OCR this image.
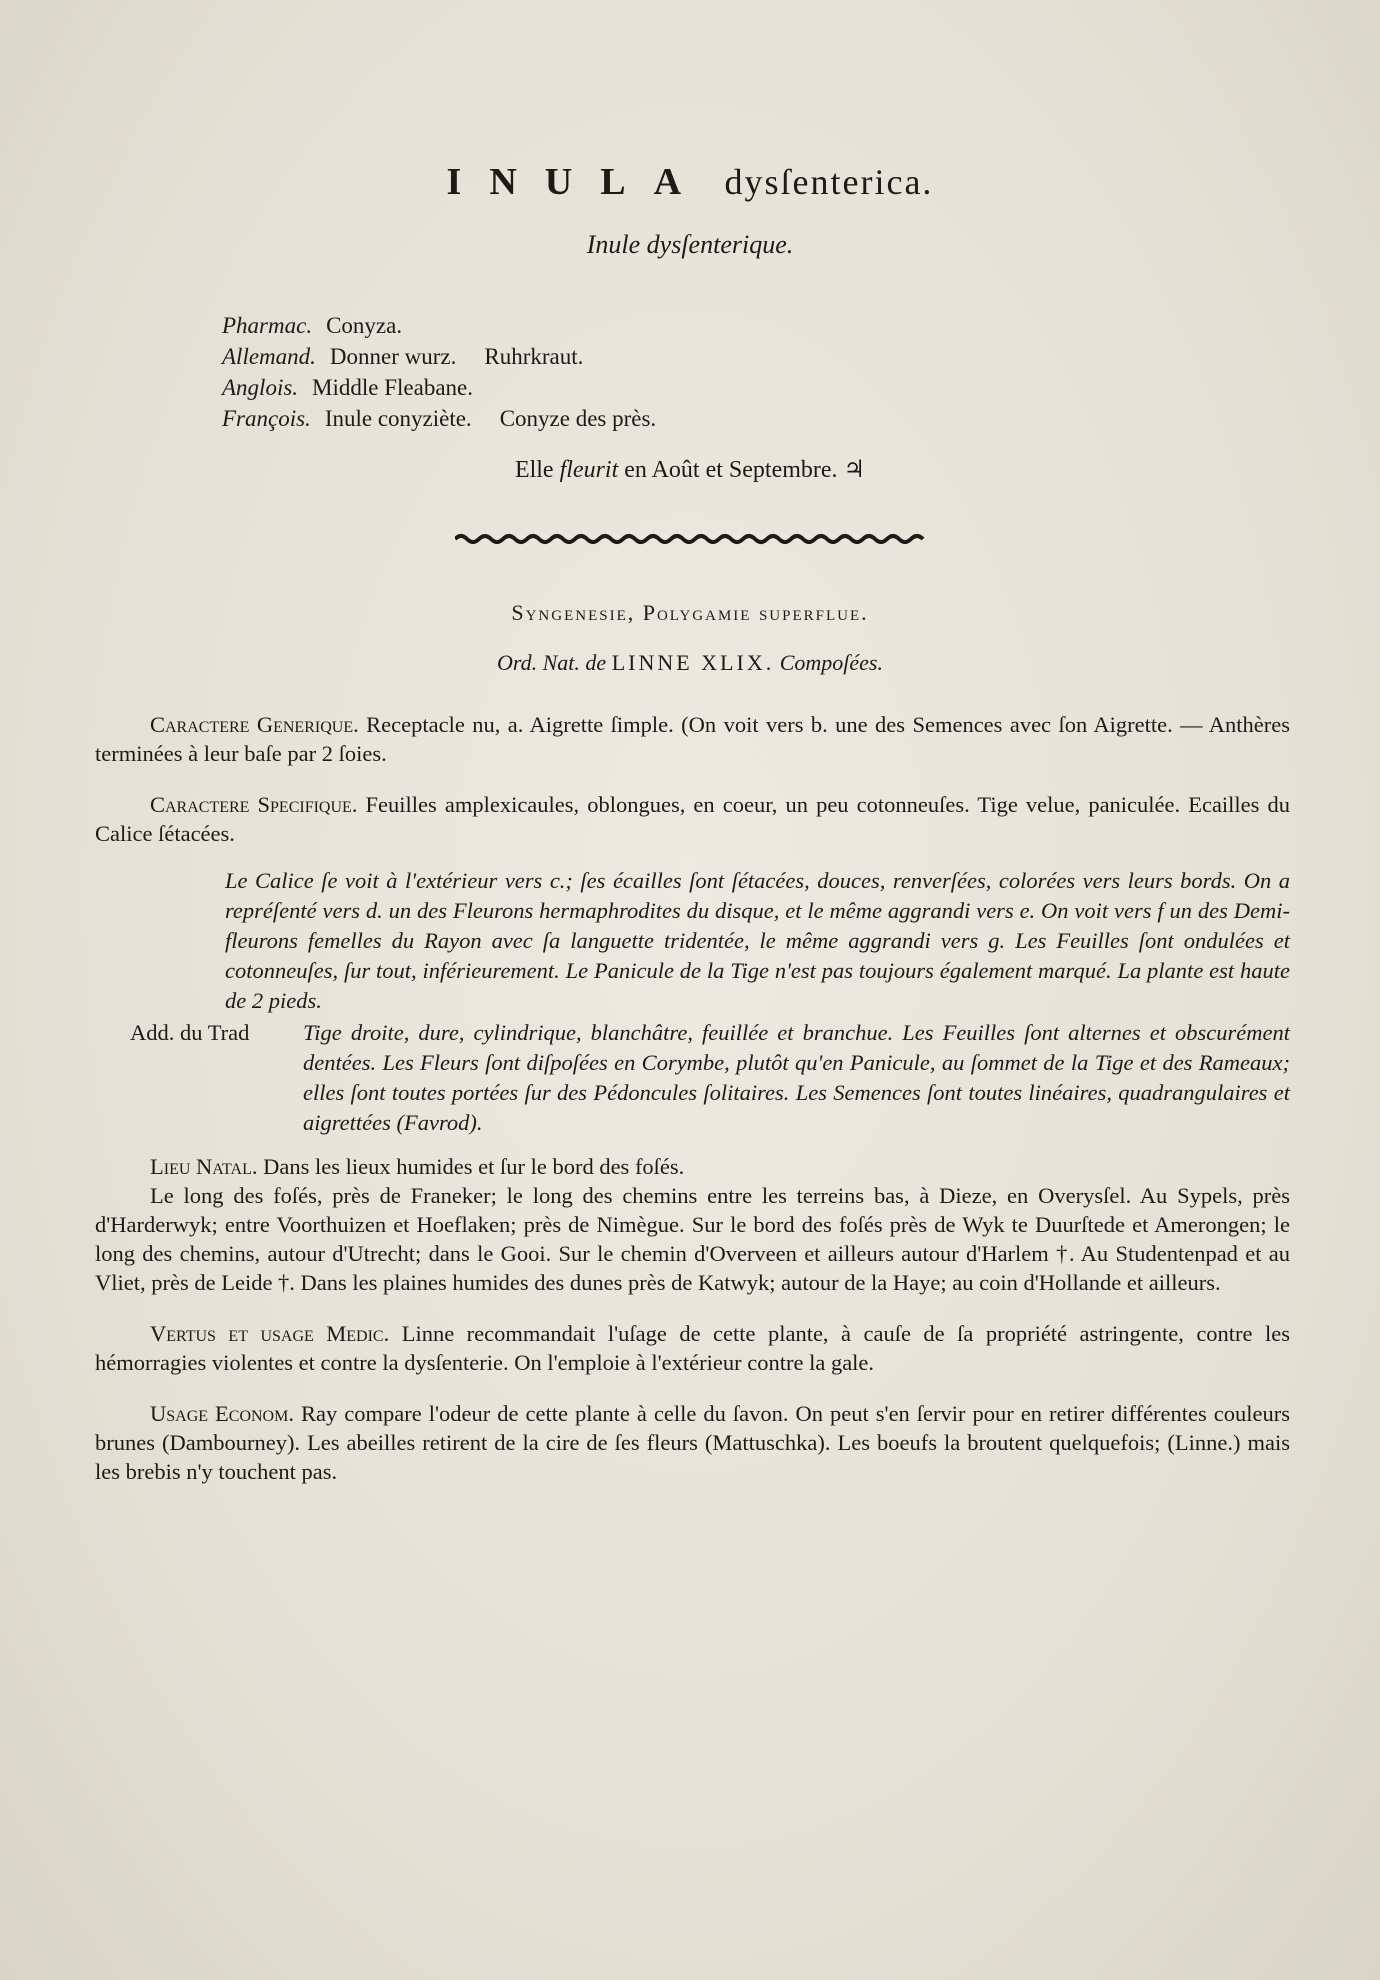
INULA dysſenterica.
Inule dysſenterique.
Pharmac. Conyza.
Allemand. Donner wurz. Ruhrkraut.
Anglois. Middle Fleabane.
François. Inule conyziète. Conyze des près.
Elle fleurit en Août et Septembre. ♃
Syngenesie, Polygamie superflue.
Ord. Nat. de LINNE XLIX. Compoſées.

Caractere Generique. Receptacle nu, a. Aigrette ſimple. (On voit vers b. une des Semences avec ſon Aigrette. — Anthères terminées à leur baſe par 2 ſoies.

Caractere Specifique. Feuilles amplexicaules, oblongues, en coeur, un peu cotonneuſes. Tige velue, paniculée. Ecailles du Calice ſétacées.

Le Calice ſe voit à l'extérieur vers c.; ſes écailles ſont ſétacées, douces, renverſées, colorées vers leurs bords. On a repréſenté vers d. un des Fleurons hermaphrodites du disque, et le même aggrandi vers e. On voit vers f un des Demi-fleurons femelles du Rayon avec ſa languette tridentée, le même aggrandi vers g. Les Feuilles ſont ondulées et cotonneuſes, ſur tout, inférieurement. Le Panicule de la Tige n'est pas toujours également marqué. La plante est haute de 2 pieds.
Add. du Trad	Tige droite, dure, cylindrique, blanchâtre, feuillée et branchue. Les Feuilles ſont alternes et obscurément dentées. Les Fleurs ſont diſpoſées en Corymbe, plutôt qu'en Panicule, au ſommet de la Tige et des Rameaux; elles ſont toutes portées ſur des Pédoncules ſolitaires. Les Semences ſont toutes linéaires, quadrangulaires et aigrettées (Favrod).

Lieu Natal. Dans les lieux humides et ſur le bord des foſés.

Le long des foſés, près de Franeker; le long des chemins entre les terreins bas, à Dieze, en Overysſel. Au Sypels, près d'Harderwyk; entre Voorthuizen et Hoeflaken; près de Nimègue. Sur le bord des foſés près de Wyk te Duurſtede et Amerongen; le long des chemins, autour d'Utrecht; dans le Gooi. Sur le chemin d'Overveen et ailleurs autour d'Harlem †. Au Studentenpad et au Vliet, près de Leide †. Dans les plaines humides des dunes près de Katwyk; autour de la Haye; au coin d'Hollande et ailleurs.

Vertus et usage Medic. Linne recommandait l'uſage de cette plante, à cauſe de ſa propriété astringente, contre les hémorragies violentes et contre la dysſenterie. On l'emploie à l'extérieur contre la gale.

Usage Econom. Ray compare l'odeur de cette plante à celle du ſavon. On peut s'en ſervir pour en retirer différentes couleurs brunes (Dambourney). Les abeilles retirent de la cire de ſes fleurs (Mattuschka). Les boeufs la broutent quelquefois; (Linne.) mais les brebis n'y touchent pas.
